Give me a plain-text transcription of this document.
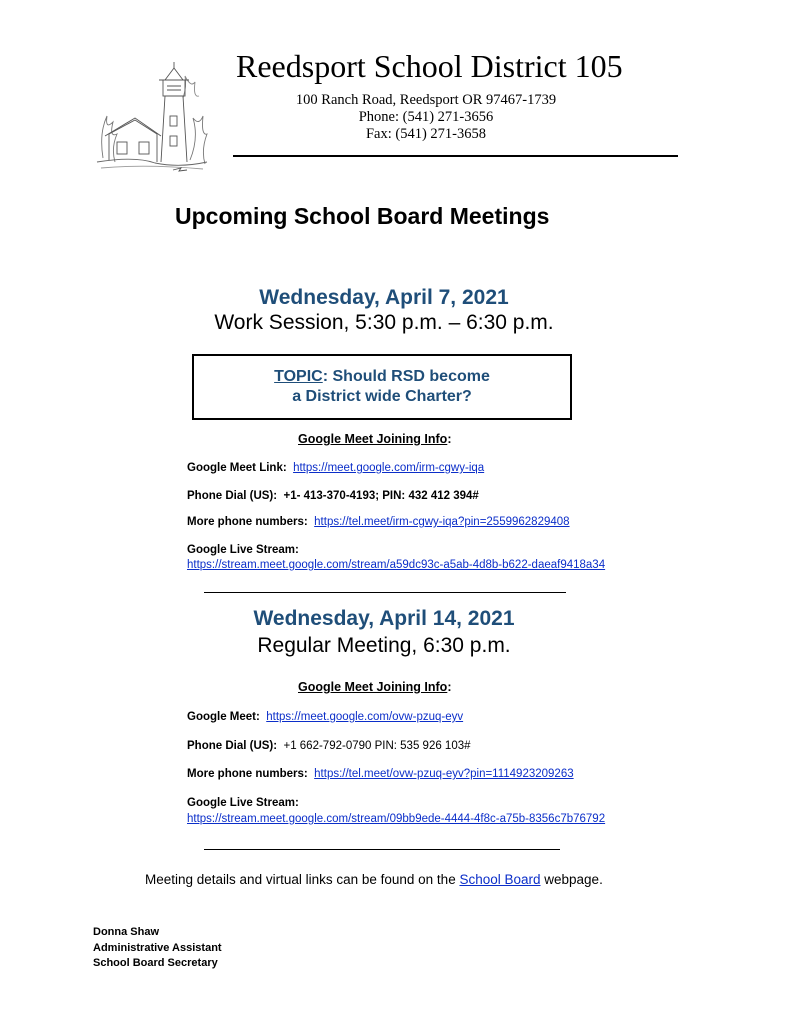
Reedsport School District 105
100 Ranch Road, Reedsport OR 97467-1739
Phone: (541) 271-3656
Fax: (541) 271-3658
Upcoming School Board Meetings
Wednesday, April 7, 2021
Work Session, 5:30 p.m. – 6:30 p.m.
TOPIC: Should RSD become
a District wide Charter?
Google Meet Joining Info:
Google Meet Link: https://meet.google.com/irm-cgwy-iqa
Phone Dial (US): +1- 413-370-4193; PIN: 432 412 394#
More phone numbers: https://tel.meet/irm-cgwy-iqa?pin=2559962829408
Google Live Stream:
https://stream.meet.google.com/stream/a59dc93c-a5ab-4d8b-b622-daeaf9418a34
Wednesday, April 14, 2021
Regular Meeting, 6:30 p.m.
Google Meet Joining Info:
Google Meet: https://meet.google.com/ovw-pzuq-eyv
Phone Dial (US): +1 662-792-0790 PIN: 535 926 103#
More phone numbers: https://tel.meet/ovw-pzuq-eyv?pin=1114923209263
Google Live Stream:
https://stream.meet.google.com/stream/09bb9ede-4444-4f8c-a75b-8356c7b76792
Meeting details and virtual links can be found on the School Board webpage.
Donna Shaw
Administrative Assistant
School Board Secretary
